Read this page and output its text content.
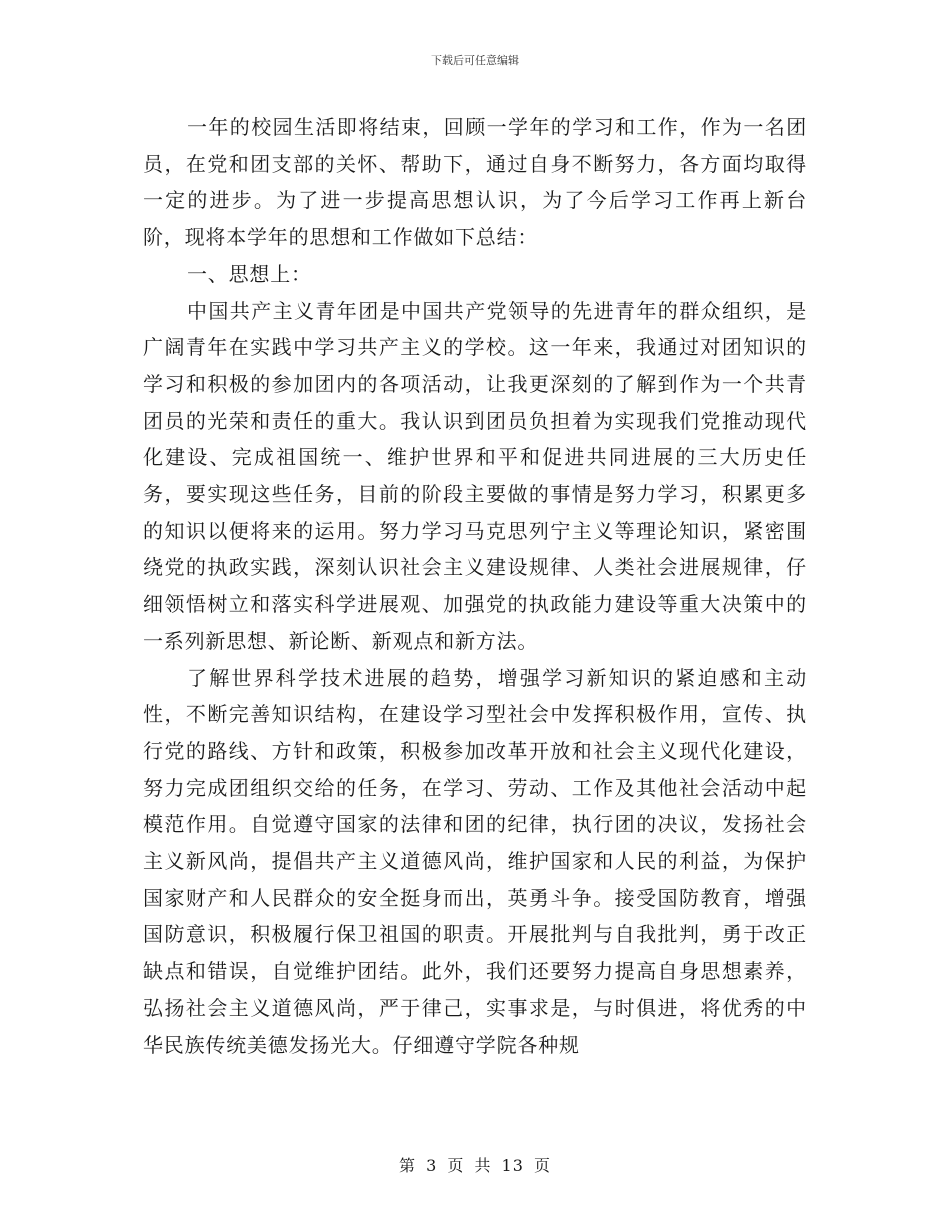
下载后可任意编辑

一年的校园生活即将结束，回顾一学年的学习和工作，作为一名团员，在党和团支部的关怀、帮助下，通过自身不断努力，各方面均取得一定的进步。为了进一步提高思想认识，为了今后学习工作再上新台阶，现将本学年的思想和工作做如下总结：

一、思想上：

中国共产主义青年团是中国共产党领导的先进青年的群众组织，是广阔青年在实践中学习共产主义的学校。这一年来，我通过对团知识的学习和积极的参加团内的各项活动，让我更深刻的了解到作为一个共青团员的光荣和责任的重大。我认识到团员负担着为实现我们党推动现代化建设、完成祖国统一、维护世界和平和促进共同进展的三大历史任务，要实现这些任务，目前的阶段主要做的事情是努力学习，积累更多的知识以便将来的运用。努力学习马克思列宁主义等理论知识，紧密围绕党的执政实践，深刻认识社会主义建设规律、人类社会进展规律，仔细领悟树立和落实科学进展观、加强党的执政能力建设等重大决策中的一系列新思想、新论断、新观点和新方法。

了解世界科学技术进展的趋势，增强学习新知识的紧迫感和主动性，不断完善知识结构，在建设学习型社会中发挥积极作用，宣传、执行党的路线、方针和政策，积极参加改革开放和社会主义现代化建设，努力完成团组织交给的任务，在学习、劳动、工作及其他社会活动中起模范作用。自觉遵守国家的法律和团的纪律，执行团的决议，发扬社会主义新风尚，提倡共产主义道德风尚，维护国家和人民的利益，为保护国家财产和人民群众的安全挺身而出，英勇斗争。接受国防教育，增强国防意识，积极履行保卫祖国的职责。开展批判与自我批判，勇于改正缺点和错误，自觉维护团结。此外，我们还要努力提高自身思想素养，弘扬社会主义道德风尚，严于律己，实事求是，与时俱进，将优秀的中华民族传统美德发扬光大。仔细遵守学院各种规

第 3 页 共 13 页
